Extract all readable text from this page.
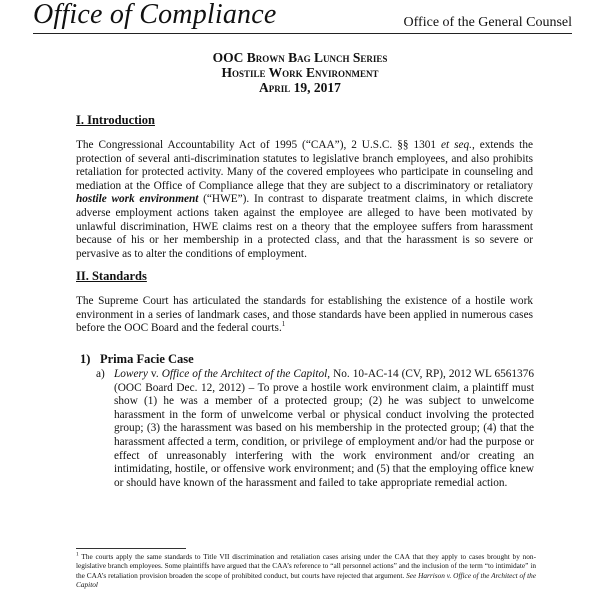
Office of Compliance	Office of the General Counsel
OOC Brown Bag Lunch Series
Hostile Work Environment
April 19, 2017
I. Introduction
The Congressional Accountability Act of 1995 (“CAA”), 2 U.S.C. §§ 1301 et seq., extends the protection of several anti-discrimination statutes to legislative branch employees, and also prohibits retaliation for protected activity. Many of the covered employees who participate in counseling and mediation at the Office of Compliance allege that they are subject to a discriminatory or retaliatory hostile work environment (“HWE”). In contrast to disparate treatment claims, in which discrete adverse employment actions taken against the employee are alleged to have been motivated by unlawful discrimination, HWE claims rest on a theory that the employee suffers from harassment because of his or her membership in a protected class, and that the harassment is so severe or pervasive as to alter the conditions of employment.
II. Standards
The Supreme Court has articulated the standards for establishing the existence of a hostile work environment in a series of landmark cases, and those standards have been applied in numerous cases before the OOC Board and the federal courts.$^1$
1) Prima Facie Case
a) Lowery v. Office of the Architect of the Capitol, No. 10-AC-14 (CV, RP), 2012 WL 6561376 (OOC Board Dec. 12, 2012) – To prove a hostile work environment claim, a plaintiff must show (1) he was a member of a protected group; (2) he was subject to unwelcome harassment in the form of unwelcome verbal or physical conduct involving the protected group; (3) the harassment was based on his membership in the protected group; (4) that the harassment affected a term, condition, or privilege of employment and/or had the purpose or effect of unreasonably interfering with the work environment and/or creating an intimidating, hostile, or offensive work environment; and (5) that the employing office knew or should have known of the harassment and failed to take appropriate remedial action.
$^1$ The courts apply the same standards to Title VII discrimination and retaliation cases arising under the CAA that they apply to cases brought by non-legislative branch employees. Some plaintiffs have argued that the CAA’s reference to “all personnel actions” and the inclusion of the term “to intimidate” in the CAA’s retaliation provision broaden the scope of prohibited conduct, but courts have rejected that argument. See Harrison v. Office of the Architect of the Capitol
